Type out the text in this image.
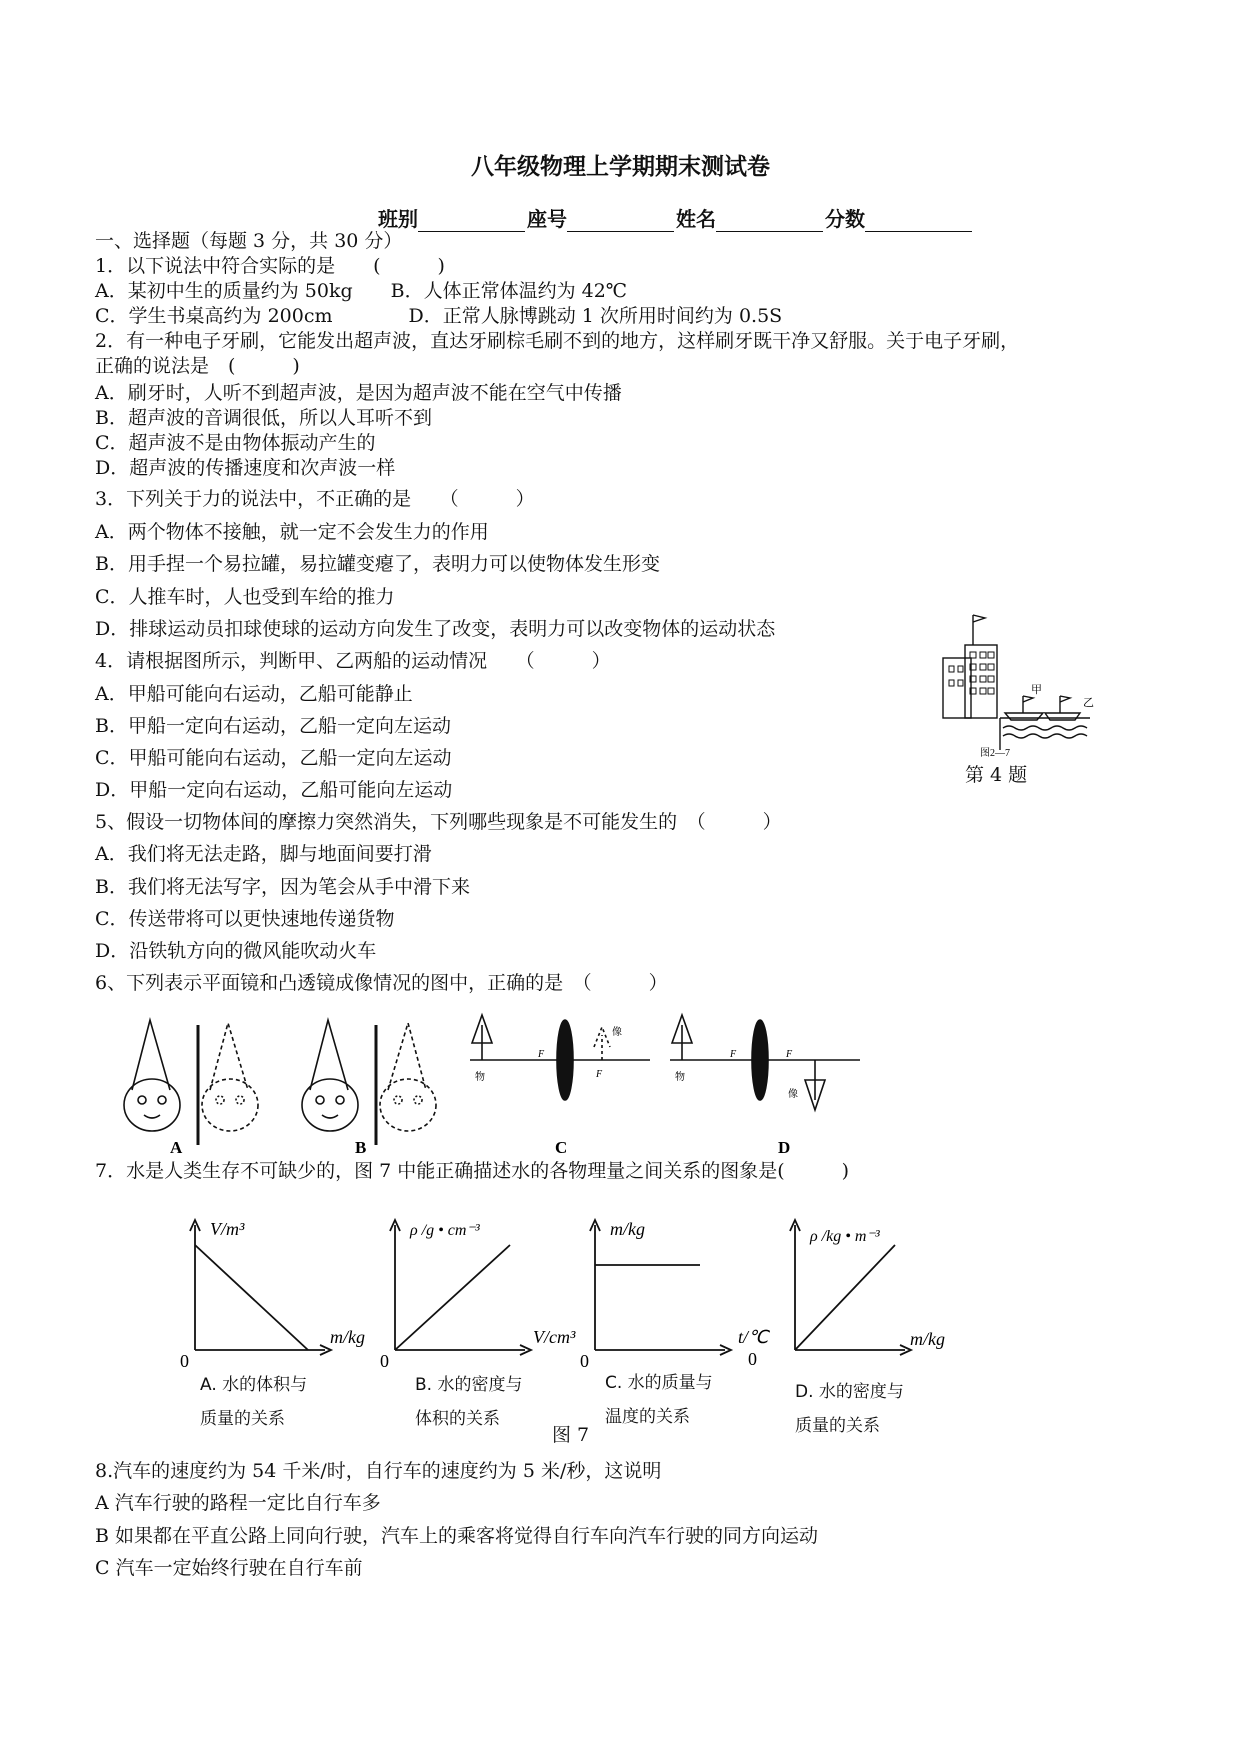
八年级物理上学期期末测试卷
班别	座号	姓名	分数
一、选择题（每题 3 分，共 30 分）
1．以下说法中符合实际的是　　(　　　)
A．某初中生的质量约为 50kg　　B．人体正常体温约为 42℃
C．学生书桌高约为 200cm　　　　D．正常人脉博跳动 1 次所用时间约为 0.5S
2．有一种电子牙刷，它能发出超声波，直达牙刷棕毛刷不到的地方，这样刷牙既干净又舒服。关于电子牙刷，
正确的说法是　(　　　)
A．刷牙时，人听不到超声波，是因为超声波不能在空气中传播
B．超声波的音调很低，所以人耳听不到
C．超声波不是由物体振动产生的
D．超声波的传播速度和次声波一样
3．下列关于力的说法中，不正确的是　　（　　　）
A．两个物体不接触，就一定不会发生力的作用
B．用手捏一个易拉罐，易拉罐变瘪了，表明力可以使物体发生形变
C．人推车时，人也受到车给的推力
D．排球运动员扣球使球的运动方向发生了改变，表明力可以改变物体的运动状态
4．请根据图所示，判断甲、乙两船的运动情况　　（　　　）
A．甲船可能向右运动，乙船可能静止
B．甲船一定向右运动，乙船一定向左运动
C．甲船可能向右运动，乙船一定向左运动
D．甲船一定向右运动，乙船可能向左运动
5、假设一切物体间的摩擦力突然消失，下列哪些现象是不可能发生的　（　　　）
A．我们将无法走路，脚与地面间要打滑
B．我们将无法写字，因为笔会从手中滑下来
C．传送带将可以更快速地传递货物
D．沿铁轨方向的微风能吹动火车
6、下列表示平面镜和凸透镜成像情况的图中，正确的是　（　　　）
7．水是人类生存不可缺少的，图 7 中能正确描述水的各物理量之间关系的图象是(　　　)
8.汽车的速度约为 54 千米/时，自行车的速度约为 5 米/秒，这说明
A 汽车行驶的路程一定比自行车多
B 如果都在平直公路上同向行驶，汽车上的乘客将觉得自行车向汽车行驶的同方向运动
C 汽车一定始终行驶在自行车前
甲
乙
图2—7
第 4 题
物
F
F
像
物
F	F
像
A	B	C	D
V/m³
m/kg
0
ρ /g • cm⁻³
V/cm³
0
m/kg
t/℃
0
ρ /kg • m⁻³
m/kg
0
A. 水的体积与
质量的关系
B. 水的密度与
体积的关系
C. 水的质量与
温度的关系
D. 水的密度与
质量的关系
图 7
